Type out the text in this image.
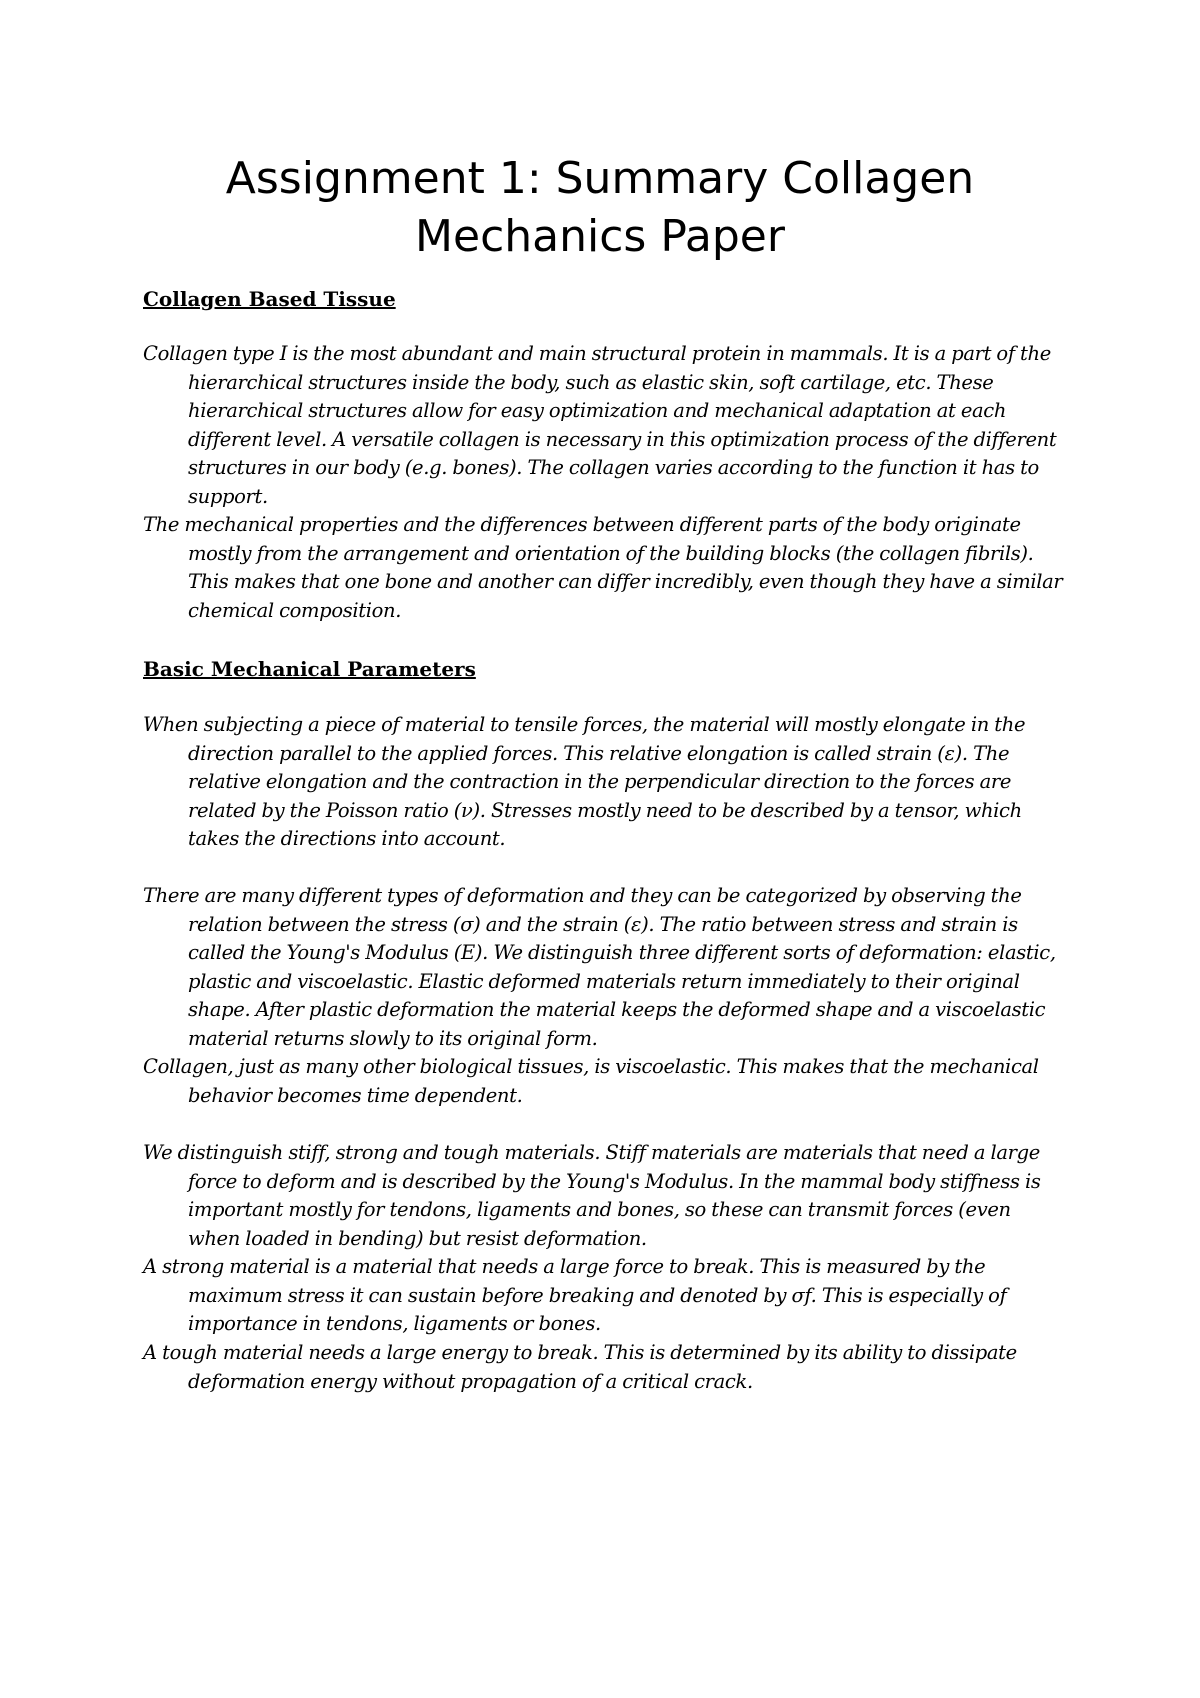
Assignment 1: Summary Collagen
Mechanics Paper
Collagen Based Tissue

Collagen type I is the most abundant and main structural protein in mammals. It is a part of the hierarchical structures inside the body, such as elastic skin, soft cartilage, etc. These hierarchical structures allow for easy optimization and mechanical adaptation at each different level. A versatile collagen is necessary in this optimization process of the different structures in our body (e.g. bones). The collagen varies according to the function it has to support.

The mechanical properties and the differences between different parts of the body originate mostly from the arrangement and orientation of the building blocks (the collagen fibrils). This makes that one bone and another can differ incredibly, even though they have a similar chemical composition.

Basic Mechanical Parameters

When subjecting a piece of material to tensile forces, the material will mostly elongate in the direction parallel to the applied forces. This relative elongation is called strain (ε). The relative elongation and the contraction in the perpendicular direction to the forces are related by the Poisson ratio (ν). Stresses mostly need to be described by a tensor, which takes the directions into account.

There are many different types of deformation and they can be categorized by observing the relation between the stress (σ) and the strain (ε). The ratio between stress and strain is called the Young's Modulus (E). We distinguish three different sorts of deformation: elastic, plastic and viscoelastic. Elastic deformed materials return immediately to their original shape. After plastic deformation the material keeps the deformed shape and a viscoelastic material returns slowly to its original form.

Collagen, just as many other biological tissues, is viscoelastic. This makes that the mechanical behavior becomes time dependent.

We distinguish stiff, strong and tough materials. Stiff materials are materials that need a large force to deform and is described by the Young's Modulus. In the mammal body stiffness is important mostly for tendons, ligaments and bones, so these can transmit forces (even when loaded in bending) but resist deformation.

A strong material is a material that needs a large force to break. This is measured by the maximum stress it can sustain before breaking and denoted by σf. This is especially of importance in tendons, ligaments or bones.

A tough material needs a large energy to break. This is determined by its ability to dissipate deformation energy without propagation of a critical crack.
